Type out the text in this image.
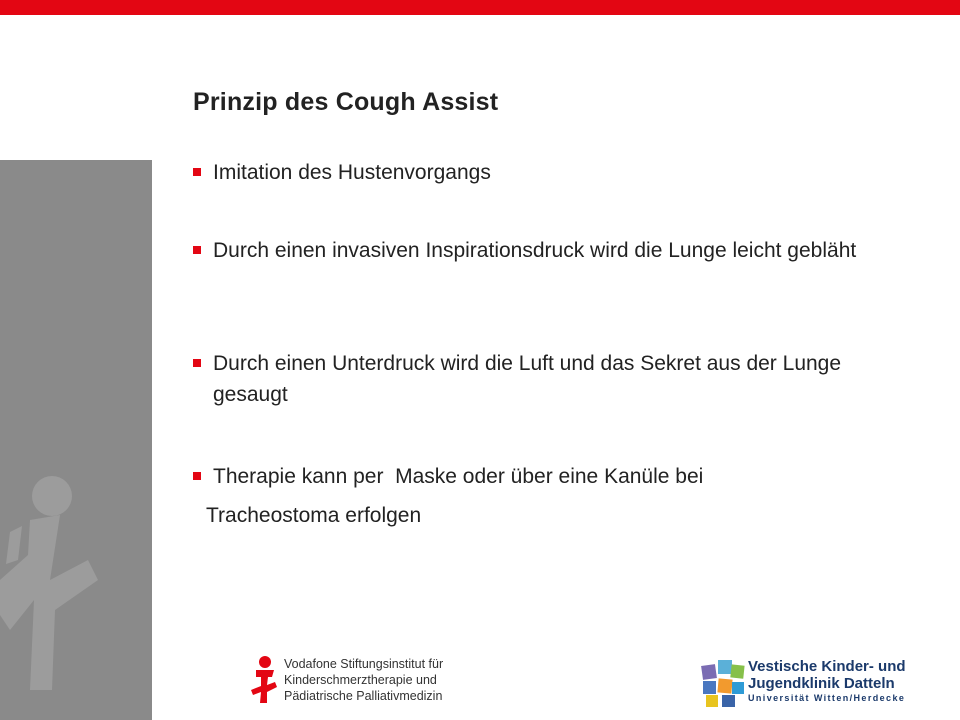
Prinzip des Cough Assist
Imitation des Hustenvorgangs
Durch einen invasiven Inspirationsdruck wird die Lunge leicht gebläht
Durch einen Unterdruck wird die Luft und das Sekret aus der Lunge gesaugt
Therapie kann per  Maske oder über eine Kanüle bei
Tracheostoma erfolgen
Vodafone Stiftungsinstitut für
Kinderschmerztherapie und
Pädiatrische Palliativmedizin
Vestische Kinder- und
Jugendklinik Datteln
Universität Witten/Herdecke
